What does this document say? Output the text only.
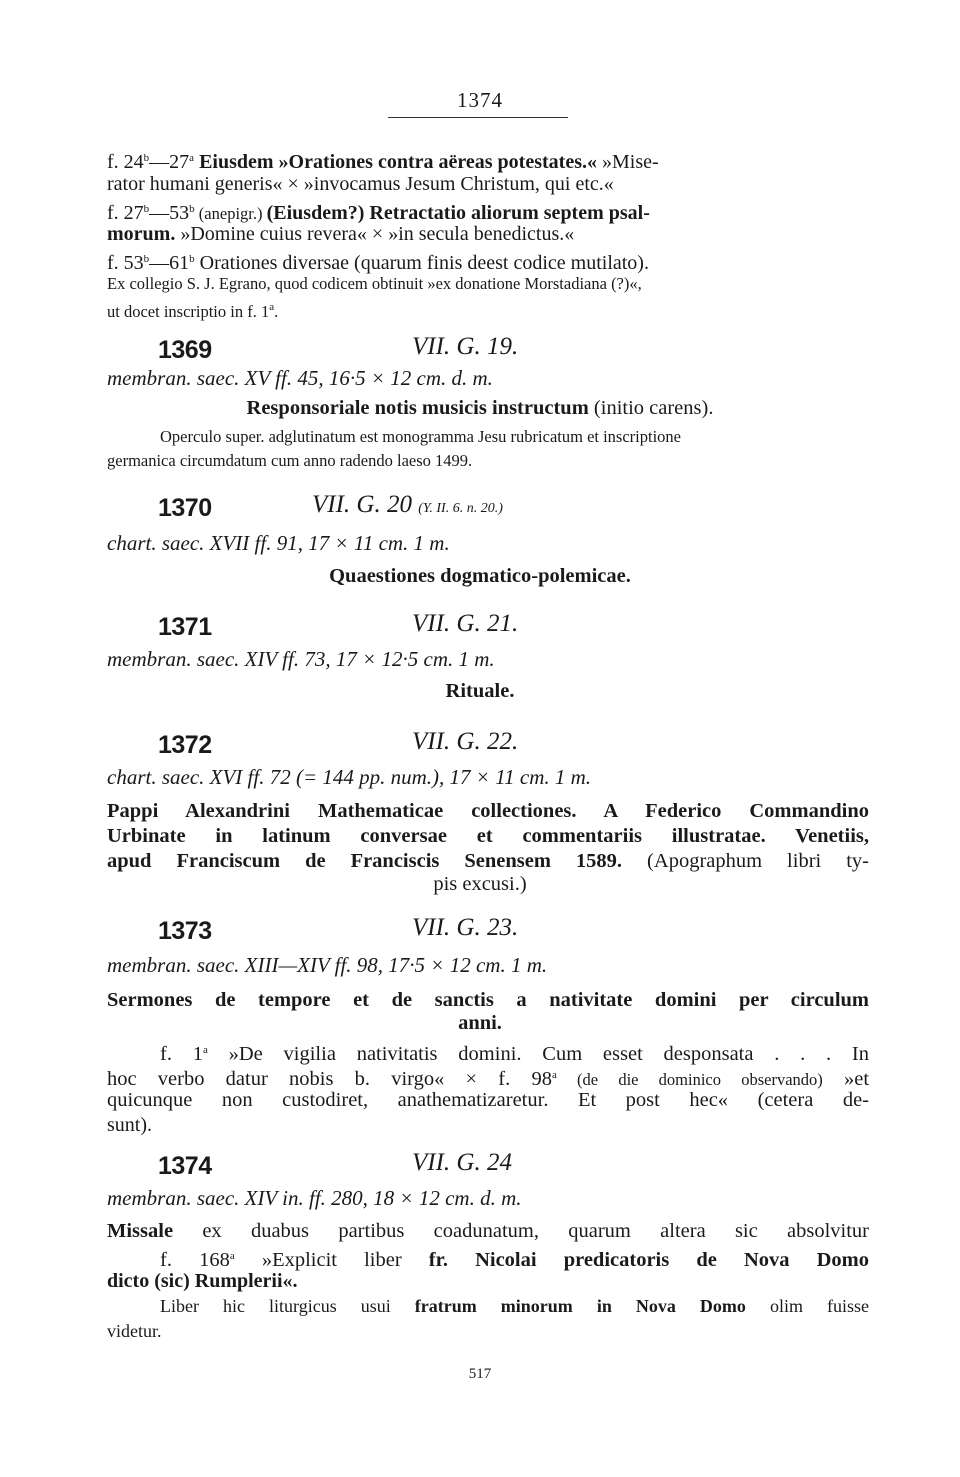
1374
f. 24$^b$—27$^a$ Eiusdem »Orationes contra aëreas potestates.« »Mise-
rator humani generis« × »invocamus Jesum Christum, qui etc.«
f. 27$^b$—53$^b$ (anepigr.) (Eiusdem?) Retractatio aliorum septem psal-
morum. »Domine cuius revera« × »in secula benedictus.«
f. 53$^b$—61$^b$ Orationes diversae (quarum finis deest codice mutilato).
Ex collegio S. J. Egrano, quod codicem obtinuit »ex donatione Morstadiana (?)«,
ut docet inscriptio in f. 1$^a$.
1369	VII. G. 19.
membran. saec. XV ff. 45, 16·5 × 12 cm. d. m.
Responsoriale notis musicis instructum (initio carens).
Operculo super. adglutinatum est monogramma Jesu rubricatum et inscriptione
germanica circumdatum cum anno radendo laeso 1499.
1370	VII. G. 20 (Y. II. 6. n. 20.)
chart. saec. XVII ff. 91, 17 × 11 cm. 1 m.
Quaestiones dogmatico-polemicae.
1371	VII. G. 21.
membran. saec. XIV ff. 73, 17 × 12·5 cm. 1 m.
Rituale.
1372	VII. G. 22.
chart. saec. XVI ff. 72 (= 144 pp. num.), 17 × 11 cm. 1 m.
Pappi Alexandrini Mathematicae collectiones. A Federico Commandino
Urbinate in latinum conversae et commentariis illustratae. Venetiis,
apud Franciscum de Franciscis Senensem 1589. (Apographum libri ty-
pis excusi.)
1373	VII. G. 23.
membran. saec. XIII—XIV ff. 98, 17·5 × 12 cm. 1 m.
Sermones de tempore et de sanctis a nativitate domini per circulum
anni.
f. 1$^a$ »De vigilia nativitatis domini. Cum esset desponsata . . . In
hoc verbo datur nobis b. virgo« × f. 98$^a$ (de die dominico observando) »et
quicunque non custodiret, anathematizaretur. Et post hec« (cetera de-
sunt).
1374	VII. G. 24
membran. saec. XIV in. ff. 280, 18 × 12 cm. d. m.
Missale ex duabus partibus coadunatum, quarum altera sic absolvitur
f. 168$^a$ »Explicit liber fr. Nicolai predicatoris de Nova Domo
dicto (sic) Rumplerii«.
Liber hic liturgicus usui fratrum minorum in Nova Domo olim fuisse
videtur.
517
